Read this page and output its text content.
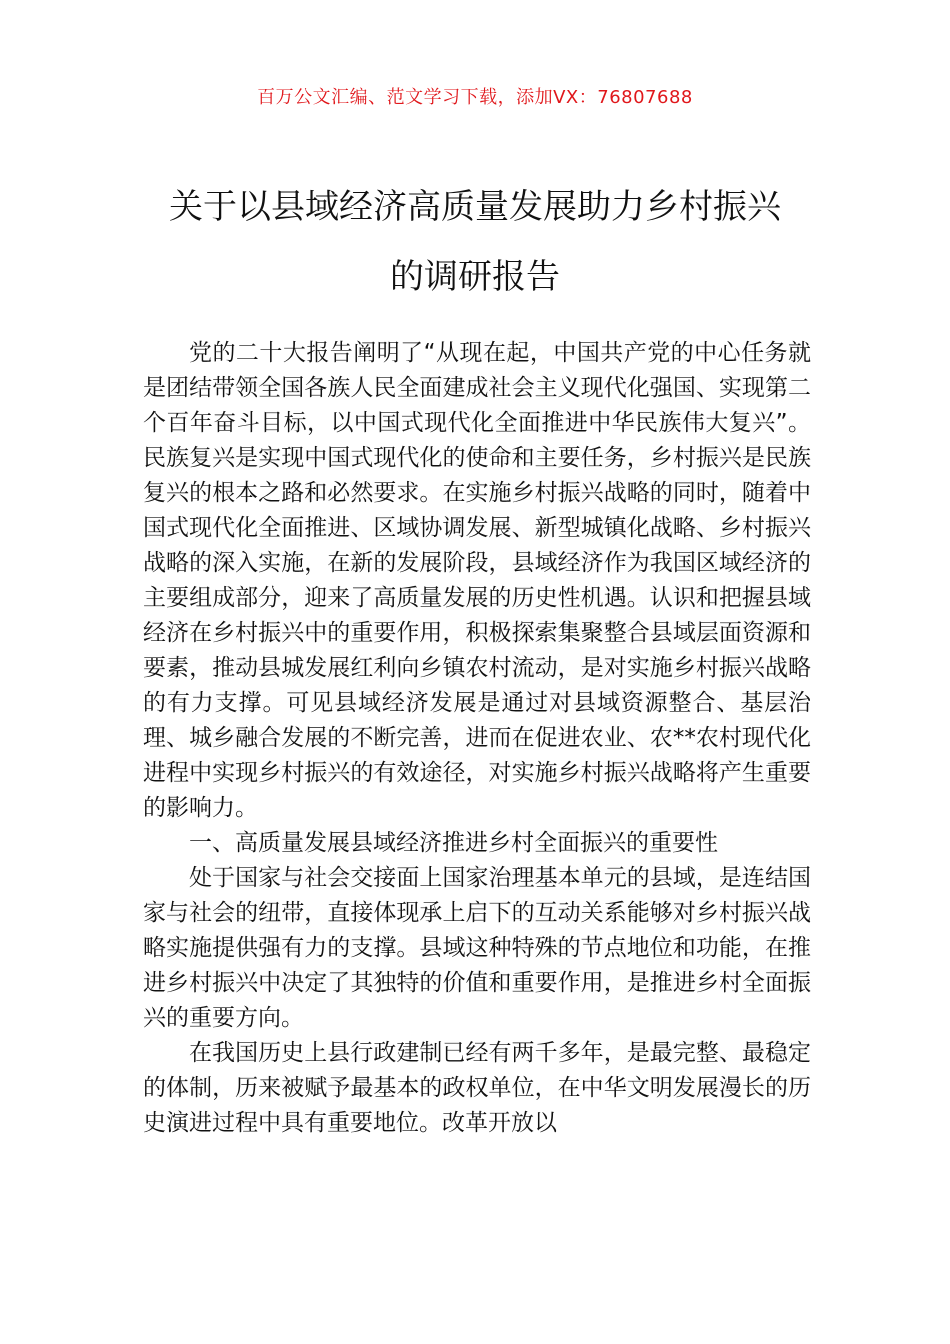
百万公文汇编、范文学习下载，添加VX：76807688
关于以县域经济高质量发展助力乡村振兴
的调研报告

党的二十大报告阐明了“从现在起，中国共产党的中心任务就是团结带领全国各族人民全面建成社会主义现代化强国、实现第二个百年奋斗目标，以中国式现代化全面推进中华民族伟大复兴”。民族复兴是实现中国式现代化的使命和主要任务，乡村振兴是民族复兴的根本之路和必然要求。在实施乡村振兴战略的同时，随着中国式现代化全面推进、区域协调发展、新型城镇化战略、乡村振兴战略的深入实施，在新的发展阶段，县域经济作为我国区域经济的主要组成部分，迎来了高质量发展的历史性机遇。认识和把握县域经济在乡村振兴中的重要作用，积极探索集聚整合县域层面资源和要素，推动县城发展红利向乡镇农村流动，是对实施乡村振兴战略的有力支撑。可见县域经济发展是通过对县域资源整合、基层治理、城乡融合发展的不断完善，进而在促进农业、农**农村现代化进程中实现乡村振兴的有效途径，对实施乡村振兴战略将产生重要的影响力。

一、高质量发展县域经济推进乡村全面振兴的重要性

处于国家与社会交接面上国家治理基本单元的县域，是连结国家与社会的纽带，直接体现承上启下的互动关系能够对乡村振兴战略实施提供强有力的支撑。县域这种特殊的节点地位和功能，在推进乡村振兴中决定了其独特的价值和重要作用，是推进乡村全面振兴的重要方向。

在我国历史上县行政建制已经有两千多年，是最完整、最稳定的体制，历来被赋予最基本的政权单位，在中华文明发展漫长的历史演进过程中具有重要地位。改革开放以
